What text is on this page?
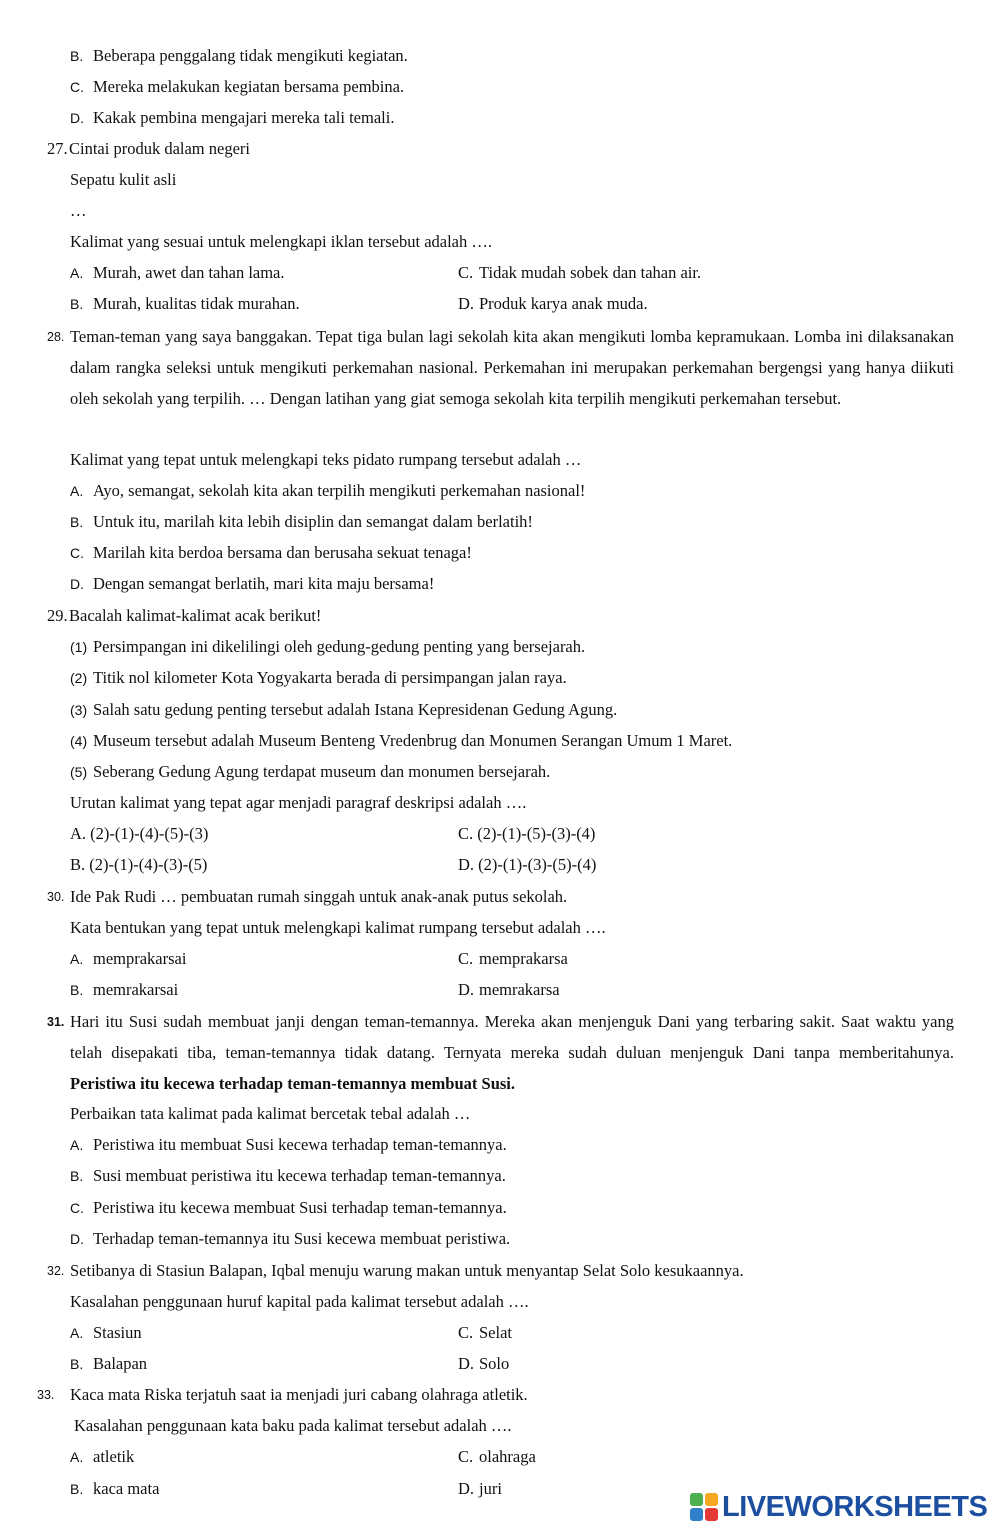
B. Beberapa penggalang tidak mengikuti kegiatan.
C. Mereka melakukan kegiatan bersama pembina.
D. Kakak pembina mengajari mereka tali temali.
27. Cintai produk dalam negeri
Sepatu kulit asli
…
Kalimat yang sesuai untuk melengkapi iklan tersebut adalah ….
A. Murah, awet dan tahan lama.	C. Tidak mudah sobek dan tahan air.
B. Murah, kualitas tidak murahan.	D. Produk karya anak muda.
28. Teman-teman yang saya banggakan. Tepat tiga bulan lagi sekolah kita akan mengikuti lomba kepramukaan. Lomba ini dilaksanakan dalam rangka seleksi untuk mengikuti perkemahan nasional. Perkemahan ini merupakan perkemahan bergengsi yang hanya diikuti oleh sekolah yang terpilih. … Dengan latihan yang giat semoga sekolah kita terpilih mengikuti perkemahan tersebut.
Kalimat yang tepat untuk melengkapi teks pidato rumpang tersebut adalah …
A. Ayo, semangat, sekolah kita akan terpilih mengikuti perkemahan nasional!
B. Untuk itu, marilah kita lebih disiplin dan semangat dalam berlatih!
C. Marilah kita berdoa bersama dan berusaha sekuat tenaga!
D. Dengan semangat berlatih, mari kita maju bersama!
29. Bacalah kalimat-kalimat acak berikut!
(1) Persimpangan ini dikelilingi oleh gedung-gedung penting yang bersejarah.
(2) Titik nol kilometer Kota Yogyakarta berada di persimpangan jalan raya.
(3) Salah satu gedung penting tersebut adalah Istana Kepresidenan Gedung Agung.
(4) Museum tersebut adalah Museum Benteng Vredenbrug dan Monumen Serangan Umum 1 Maret.
(5) Seberang Gedung Agung terdapat museum dan monumen bersejarah.
Urutan kalimat yang tepat agar menjadi paragraf deskripsi adalah ….
A. (2)-(1)-(4)-(5)-(3)	C. (2)-(1)-(5)-(3)-(4)
B. (2)-(1)-(4)-(3)-(5)	D. (2)-(1)-(3)-(5)-(4)
30. Ide Pak Rudi … pembuatan rumah singgah untuk anak-anak putus sekolah.
Kata bentukan yang tepat untuk melengkapi kalimat rumpang tersebut adalah ….
A. memprakarsai	C. memprakarsa
B. memrakarsai	D. memrakarsa
31. Hari itu Susi sudah membuat janji dengan teman-temannya. Mereka akan menjenguk Dani yang terbaring sakit. Saat waktu yang telah disepakati tiba, teman-temannya tidak datang. Ternyata mereka sudah duluan menjenguk Dani tanpa memberitahunya. Peristiwa itu kecewa terhadap teman-temannya membuat Susi.
Perbaikan tata kalimat pada kalimat bercetak tebal adalah …
A. Peristiwa itu membuat Susi kecewa terhadap teman-temannya.
B. Susi membuat peristiwa itu kecewa terhadap teman-temannya.
C. Peristiwa itu kecewa membuat Susi terhadap teman-temannya.
D. Terhadap teman-temannya itu Susi kecewa membuat peristiwa.
32. Setibanya di Stasiun Balapan, Iqbal menuju warung makan untuk menyantap Selat Solo kesukaannya.
Kasalahan penggunaan huruf kapital pada kalimat tersebut adalah ….
A. Stasiun	C. Selat
B. Balapan	D. Solo
33. Kaca mata Riska terjatuh saat ia menjadi juri cabang olahraga atletik.
Kasalahan penggunaan kata baku pada kalimat tersebut adalah ….
A. atletik	C. olahraga
B. kaca mata	D. juri
LIVEWORKSHEETS
